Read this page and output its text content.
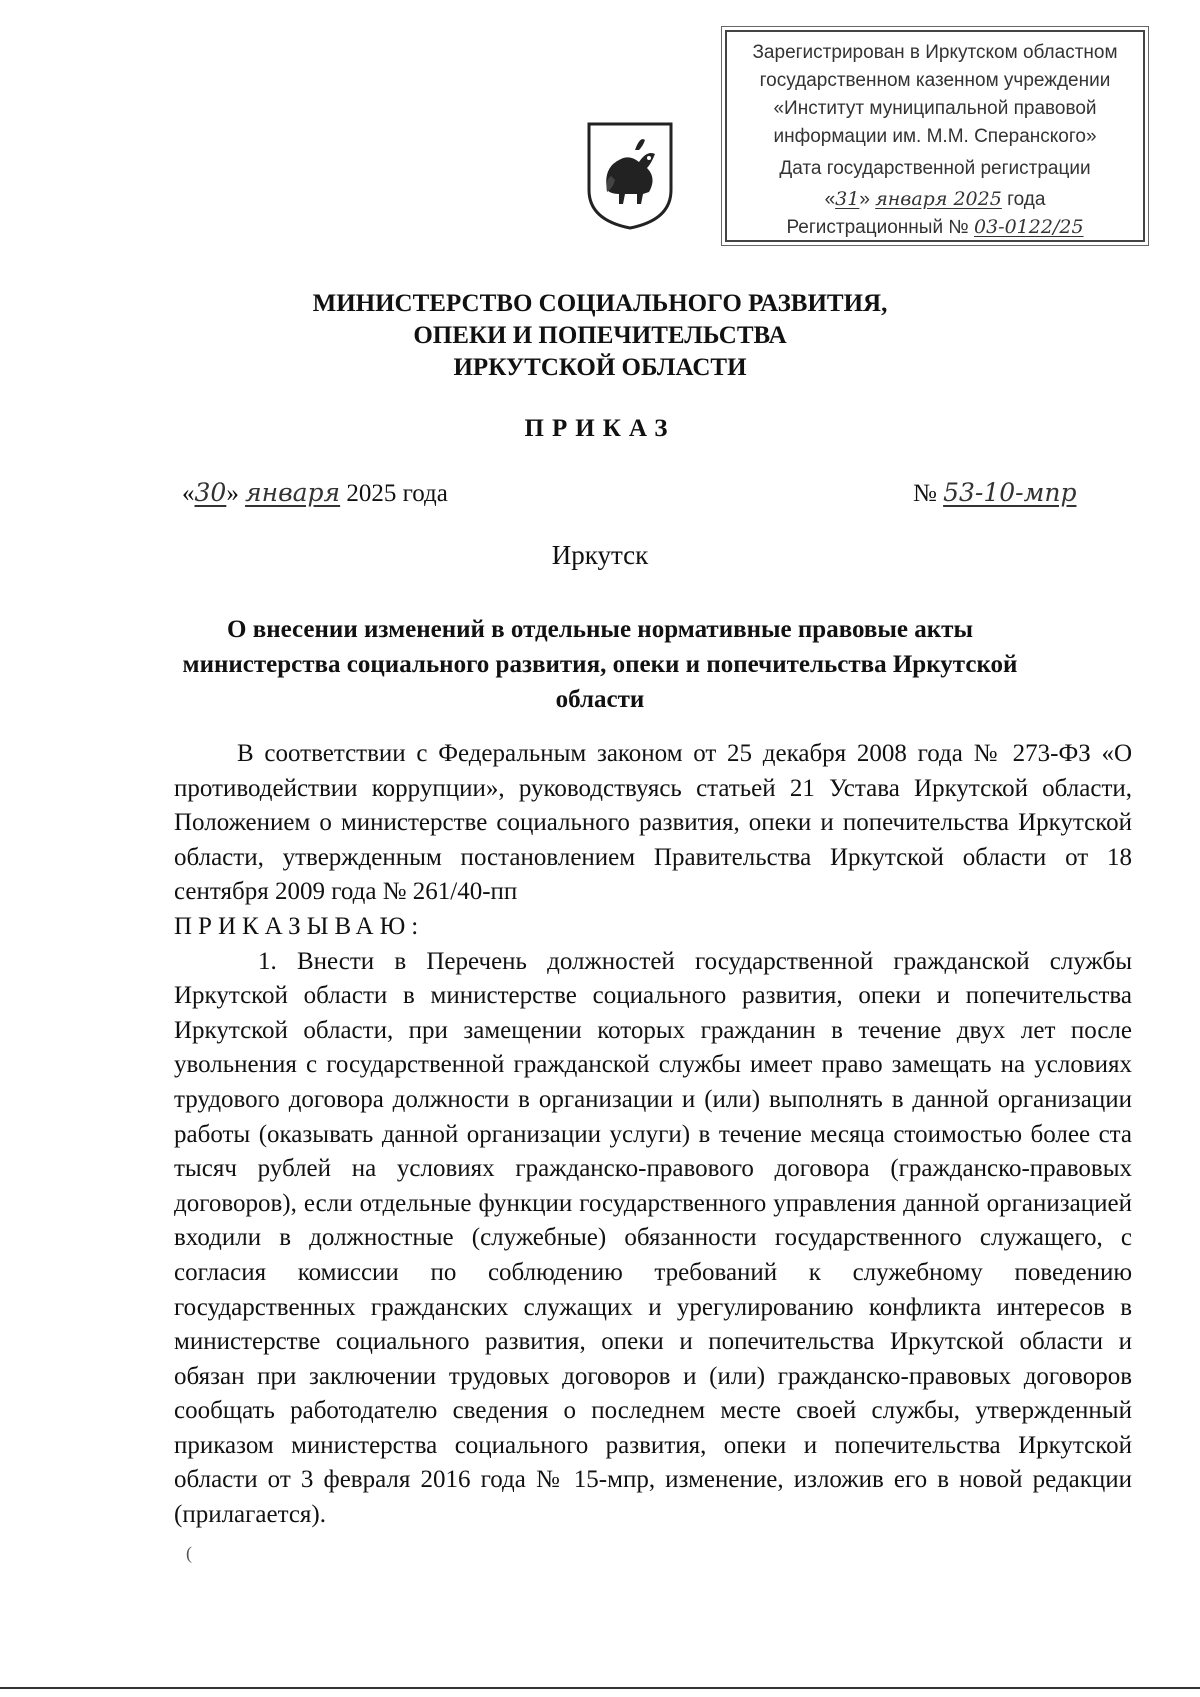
Зарегистрирован в Иркутском областном
государственном казенном учреждении
«Институт муниципальной правовой
информации им. М.М. Сперанского»
Дата государственной регистрации
«31» января 2025 года
Регистрационный № 03-0122/25
МИНИСТЕРСТВО СОЦИАЛЬНОГО РАЗВИТИЯ,
ОПЕКИ И ПОПЕЧИТЕЛЬСТВА
ИРКУТСКОЙ ОБЛАСТИ
ПРИКАЗ
«30» января 2025 года	№ 53-10-мпр
Иркутск
О внесении изменений в отдельные нормативные правовые акты
министерства социального развития, опеки и попечительства Иркутской
области

В соответствии с Федеральным законом от 25 декабря 2008 года № 273-ФЗ «О противодействии коррупции», руководствуясь статьей 21 Устава Иркутской области, Положением о министерстве социального развития, опеки и попечительства Иркутской области, утвержденным постановлением Правительства Иркутской области от 18 сентября 2009 года № 261/40-пп

ПРИКАЗЫВАЮ:

1. Внести в Перечень должностей государственной гражданской службы Иркутской области в министерстве социального развития, опеки и попечительства Иркутской области, при замещении которых гражданин в течение двух лет после увольнения с государственной гражданской службы имеет право замещать на условиях трудового договора должности в организации и (или) выполнять в данной организации работы (оказывать данной организации услуги) в течение месяца стоимостью более ста тысяч рублей на условиях гражданско-правового договора (гражданско-правовых договоров), если отдельные функции государственного управления данной организацией входили в должностные (служебные) обязанности государственного служащего, с согласия комиссии по соблюдению требований к служебному поведению государственных гражданских служащих и урегулированию конфликта интересов в министерстве социального развития, опеки и попечительства Иркутской области и обязан при заключении трудовых договоров и (или) гражданско-правовых договоров сообщать работодателю сведения о последнем месте своей службы, утвержденный приказом министерства социального развития, опеки и попечительства Иркутской области от 3 февраля 2016 года № 15-мпр, изменение, изложив его в новой редакции (прилагается).

(
